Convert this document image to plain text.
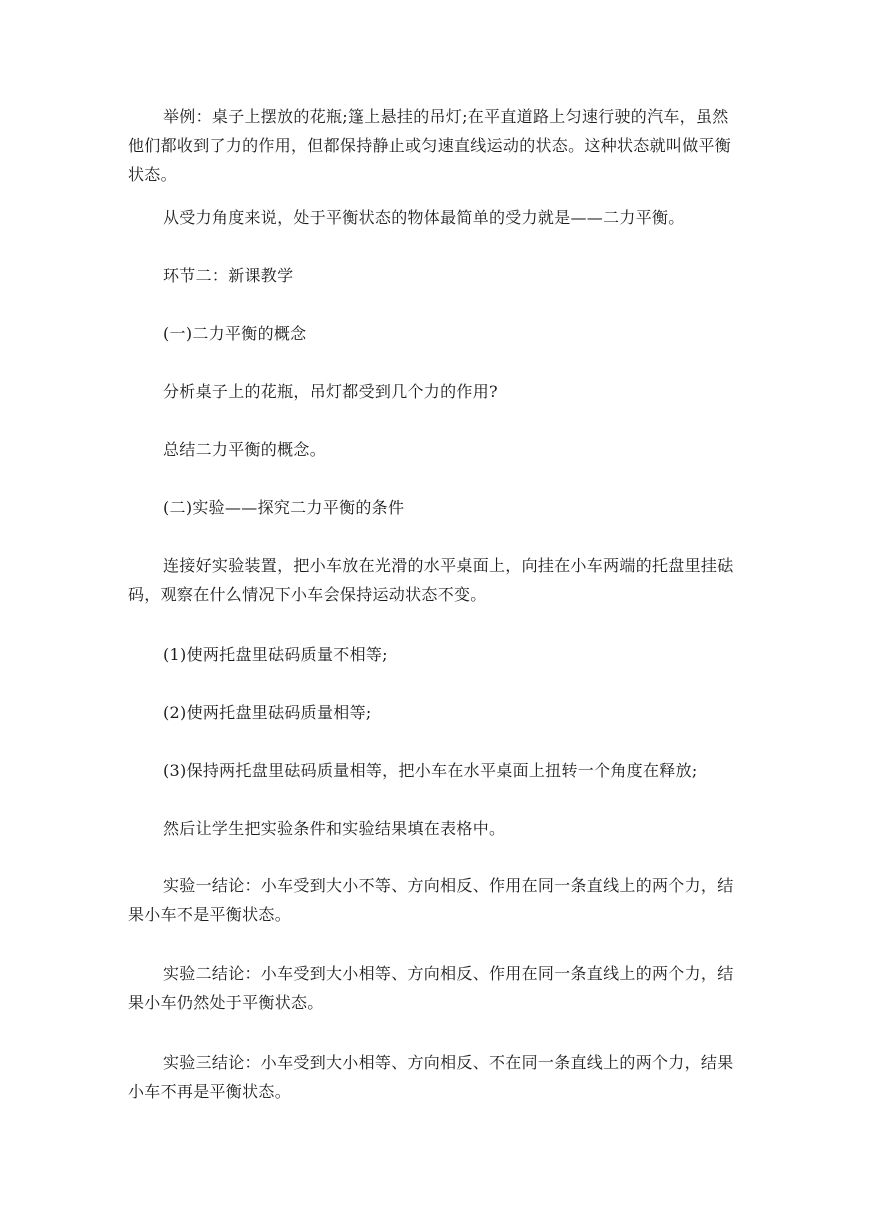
举例：桌子上摆放的花瓶;篷上悬挂的吊灯;在平直道路上匀速行驶的汽车，虽然他们都收到了力的作用，但都保持静止或匀速直线运动的状态。这种状态就叫做平衡状态。

从受力角度来说，处于平衡状态的物体最简单的受力就是——二力平衡。

环节二：新课教学

(一)二力平衡的概念

分析桌子上的花瓶，吊灯都受到几个力的作用?

总结二力平衡的概念。

(二)实验——探究二力平衡的条件

连接好实验装置，把小车放在光滑的水平桌面上，向挂在小车两端的托盘里挂砝码，观察在什么情况下小车会保持运动状态不变。

(1)使两托盘里砝码质量不相等;

(2)使两托盘里砝码质量相等;

(3)保持两托盘里砝码质量相等，把小车在水平桌面上扭转一个角度在释放;

然后让学生把实验条件和实验结果填在表格中。

实验一结论：小车受到大小不等、方向相反、作用在同一条直线上的两个力，结果小车不是平衡状态。

实验二结论：小车受到大小相等、方向相反、作用在同一条直线上的两个力，结果小车仍然处于平衡状态。

实验三结论：小车受到大小相等、方向相反、不在同一条直线上的两个力，结果小车不再是平衡状态。
